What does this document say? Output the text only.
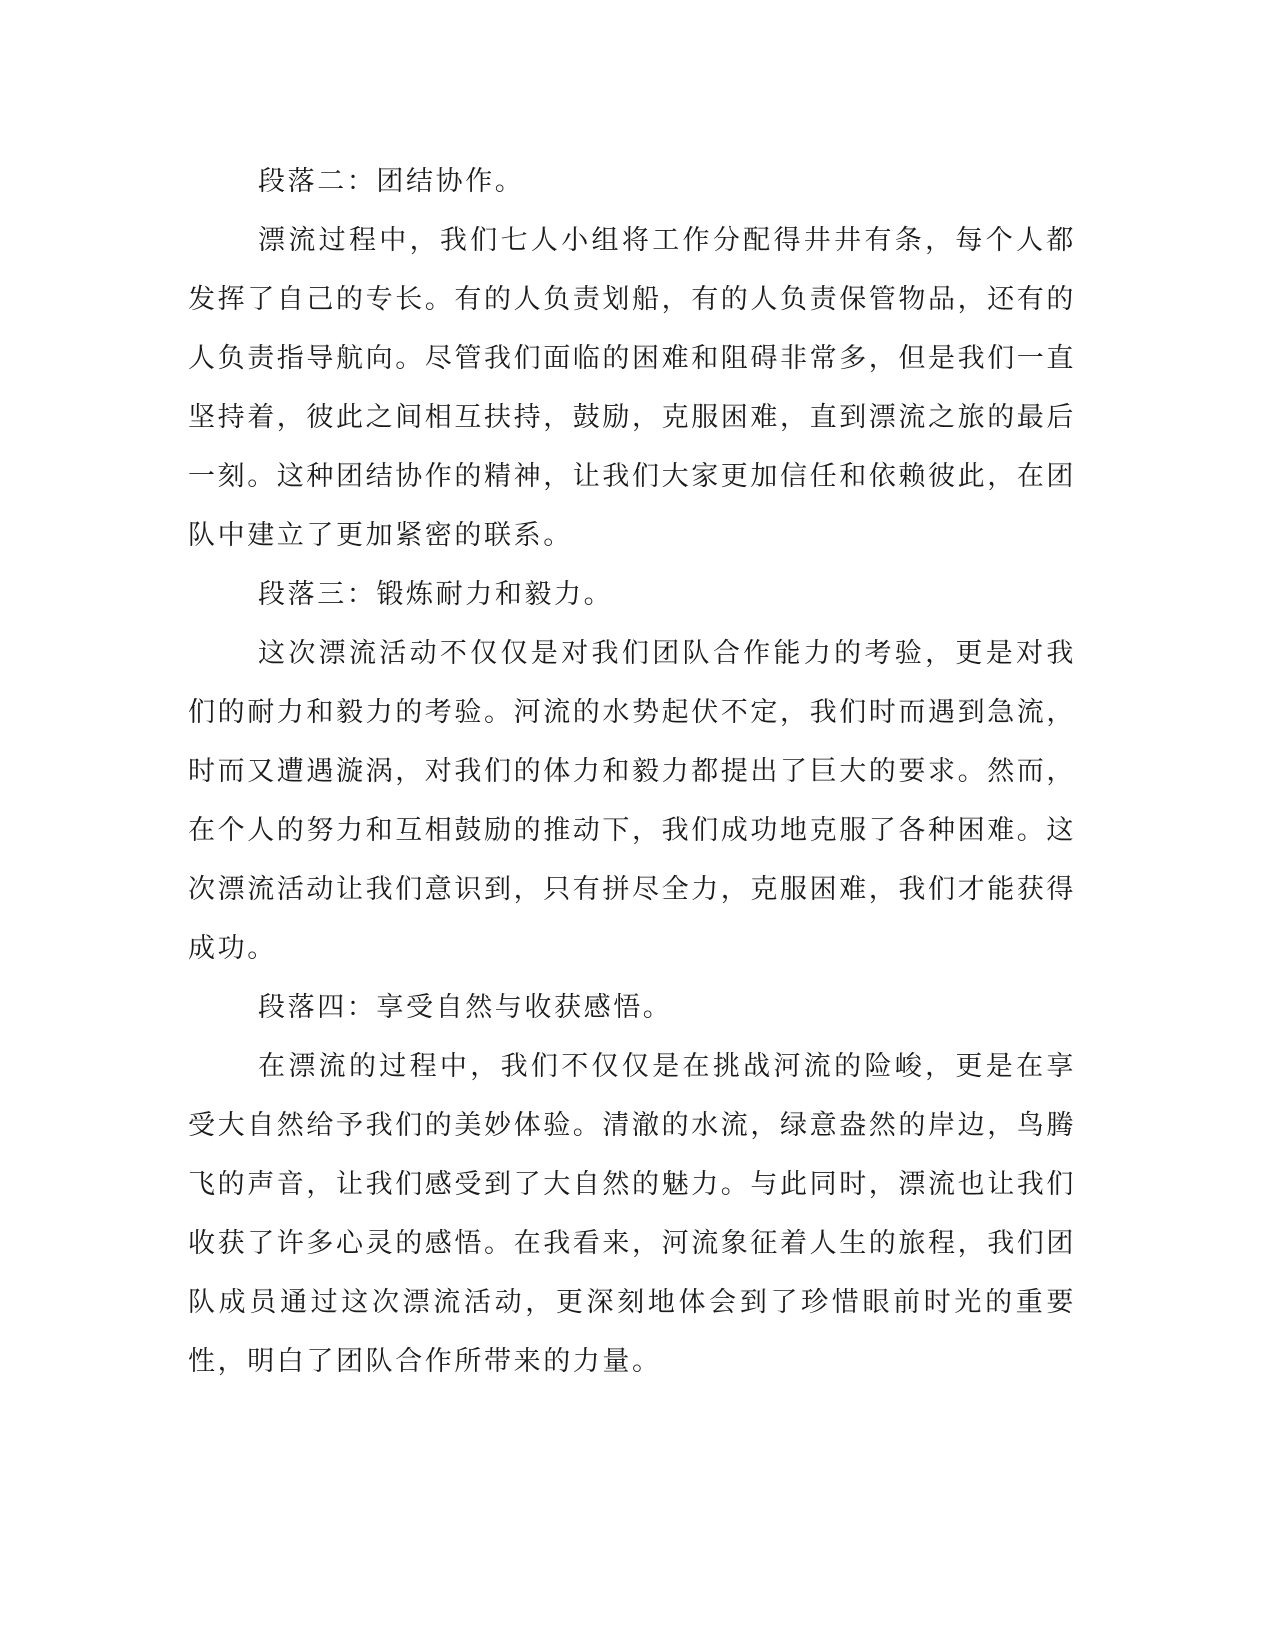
段落二：团结协作。

漂流过程中，我们七人小组将工作分配得井井有条，每个人都发挥了自己的专长。有的人负责划船，有的人负责保管物品，还有的人负责指导航向。尽管我们面临的困难和阻碍非常多，但是我们一直坚持着，彼此之间相互扶持，鼓励，克服困难，直到漂流之旅的最后一刻。这种团结协作的精神，让我们大家更加信任和依赖彼此，在团队中建立了更加紧密的联系。

段落三：锻炼耐力和毅力。

这次漂流活动不仅仅是对我们团队合作能力的考验，更是对我们的耐力和毅力的考验。河流的水势起伏不定，我们时而遇到急流，时而又遭遇漩涡，对我们的体力和毅力都提出了巨大的要求。然而，在个人的努力和互相鼓励的推动下，我们成功地克服了各种困难。这次漂流活动让我们意识到，只有拼尽全力，克服困难，我们才能获得成功。

段落四：享受自然与收获感悟。

在漂流的过程中，我们不仅仅是在挑战河流的险峻，更是在享受大自然给予我们的美妙体验。清澈的水流，绿意盎然的岸边，鸟腾飞的声音，让我们感受到了大自然的魅力。与此同时，漂流也让我们收获了许多心灵的感悟。在我看来，河流象征着人生的旅程，我们团队成员通过这次漂流活动，更深刻地体会到了珍惜眼前时光的重要性，明白了团队合作所带来的力量。
